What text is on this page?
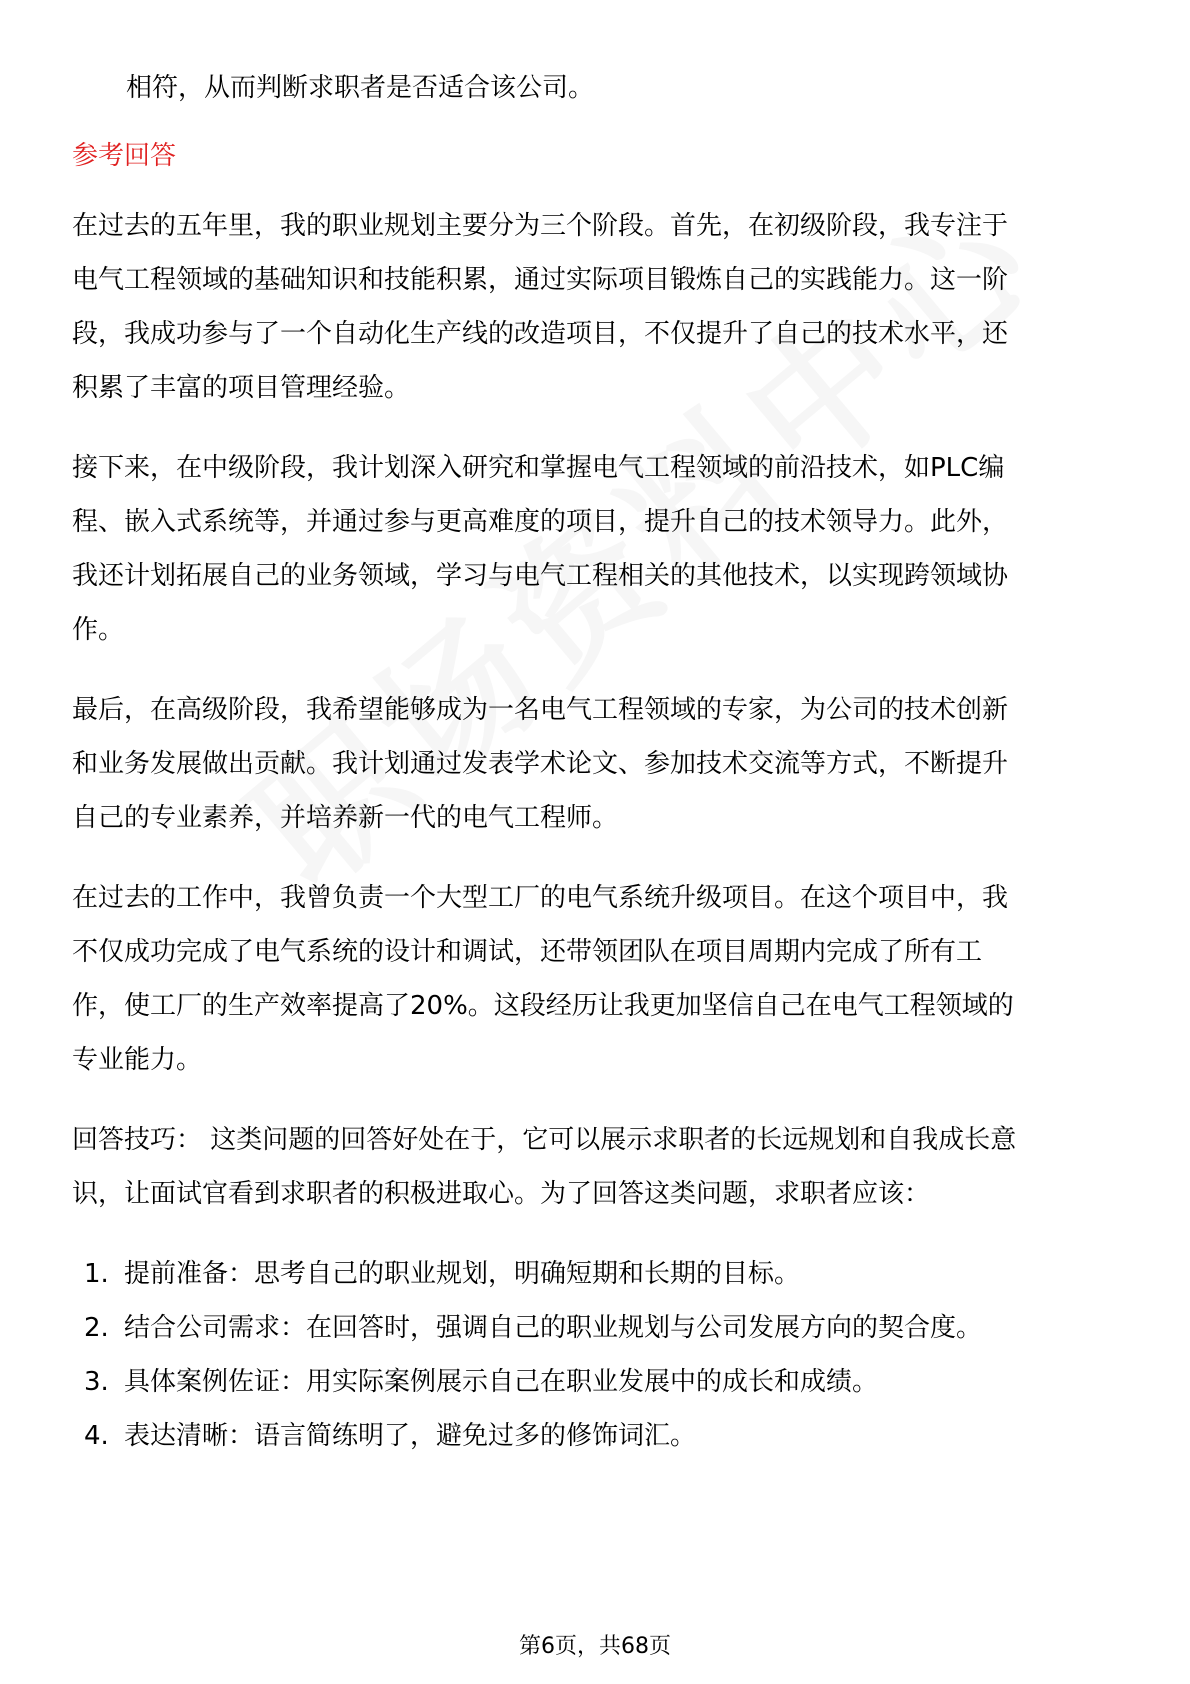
相符，从而判断求职者是否适合该公司。
参考回答
在过去的五年里，我的职业规划主要分为三个阶段。首先，在初级阶段，我专注于
电气工程领域的基础知识和技能积累，通过实际项目锻炼自己的实践能力。这一阶
段，我成功参与了一个自动化生产线的改造项目，不仅提升了自己的技术水平，还
积累了丰富的项目管理经验。
接下来，在中级阶段，我计划深入研究和掌握电气工程领域的前沿技术，如PLC编
程、嵌入式系统等，并通过参与更高难度的项目，提升自己的技术领导力。此外，
我还计划拓展自己的业务领域，学习与电气工程相关的其他技术，以实现跨领域协
作。
最后，在高级阶段，我希望能够成为一名电气工程领域的专家，为公司的技术创新
和业务发展做出贡献。我计划通过发表学术论文、参加技术交流等方式，不断提升
自己的专业素养，并培养新一代的电气工程师。
在过去的工作中，我曾负责一个大型工厂的电气系统升级项目。在这个项目中，我
不仅成功完成了电气系统的设计和调试，还带领团队在项目周期内完成了所有工
作，使工厂的生产效率提高了20%。这段经历让我更加坚信自己在电气工程领域的
专业能力。
回答技巧： 这类问题的回答好处在于，它可以展示求职者的长远规划和自我成长意
识，让面试官看到求职者的积极进取心。为了回答这类问题，求职者应该：
1. 提前准备：思考自己的职业规划，明确短期和长期的目标。
2. 结合公司需求：在回答时，强调自己的职业规划与公司发展方向的契合度。
3. 具体案例佐证：用实际案例展示自己在职业发展中的成长和成绩。
4. 表达清晰：语言简练明了，避免过多的修饰词汇。
第6页，共68页
